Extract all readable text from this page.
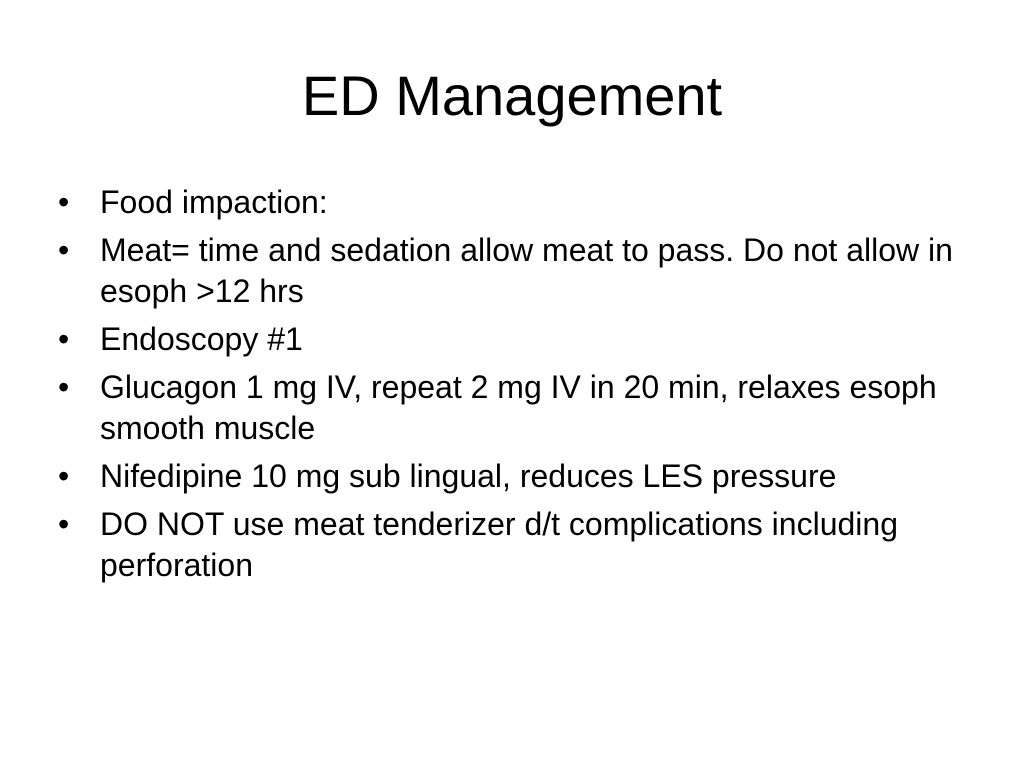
ED Management
• Food impaction:
• Meat= time and sedation allow meat to pass. Do not allow in esoph >12 hrs
• Endoscopy #1
• Glucagon 1 mg IV, repeat 2 mg IV in 20 min, relaxes esoph smooth muscle
• Nifedipine 10 mg sub lingual, reduces LES pressure
• DO NOT use meat tenderizer d/t complications including perforation
